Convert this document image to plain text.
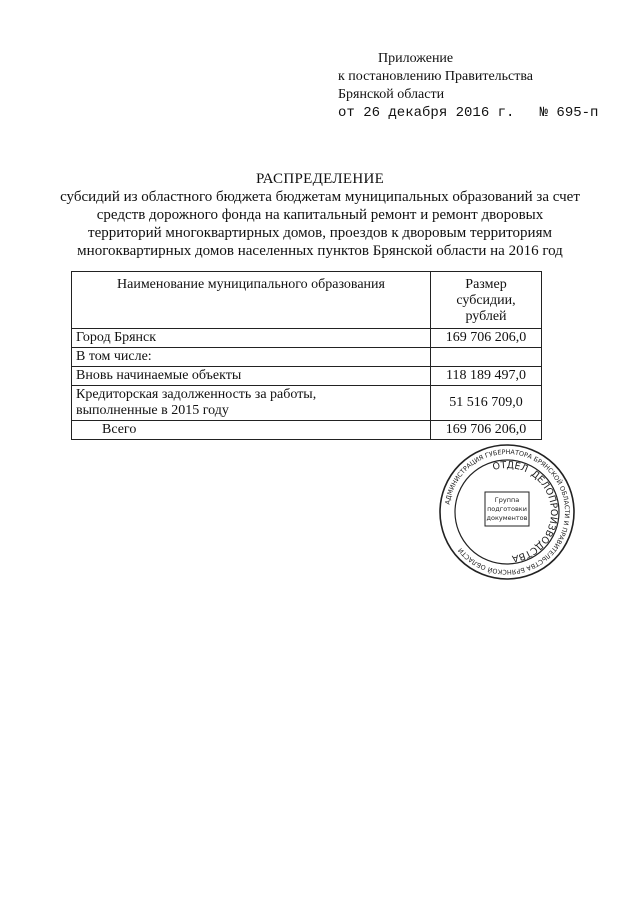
Приложение
к постановлению Правительства
Брянской области
от 26 декабря 2016 г.   № 695-п
РАСПРЕДЕЛЕНИЕ
субсидий из областного бюджета бюджетам муниципальных образований за счет средств дорожного фонда на капитальный ремонт и ремонт дворовых территорий многоквартирных домов, проездов к дворовым территориям многоквартирных домов населенных пунктов Брянской области на 2016 год
Наименование муниципального образования	Размер
субсидии,
рублей

Город Брянск	169 706 206,0
В том числе:	
Вновь начинаемые объекты	118 189 497,0

Кредиторская задолженность за работы,
выполненные в 2015 году	51 516 709,0
Всего	169 706 206,0
АДМИНИСТРАЦИЯ ГУБЕРНАТОРА БРЯНСКОЙ ОБЛАСТИ И ПРАВИТЕЛЬСТВА БРЯНСКОЙ ОБЛАСТИ
ОТДЕЛ ДЕЛОПРОИЗВОДСТВА
Группа
подготовки
документов
